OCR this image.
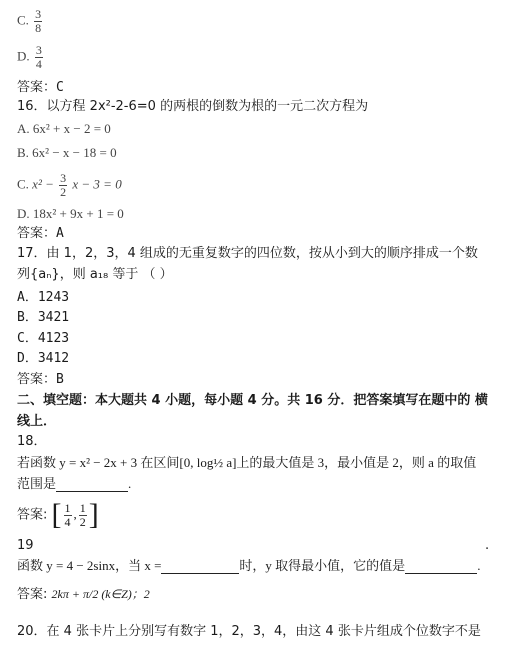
C. $\frac{3}{8}$
D. $\frac{3}{4}$
答案：C
16．以方程 2x²-2-6=0 的两根的倒数为根的一元二次方程为
A. 6x² + x − 2 = 0
B. 6x² − x − 18 = 0
C. $x^2 - \frac{3}{2}$ x − 3 = 0
D. 18x² + 9x + 1 = 0
答案：A
17．由 1，2，3，4 组成的无重复数字的四位数，按从小到大的顺序排成一个数
列{aₙ}，则 a₁₈ 等于 （ ）
A．1243
B．3421
C．4123
D．3412
答案：B
二、填空题：本大题共 4 小题，每小题 4 分。共 16 分．把答案填写在题中的 横
线上．
18．
若函数 y = x² − 2x + 3 在区间[0, log½ a]上的最大值是 3，最小值是 2，则 a 的取值
范围是	.
答案: [ $\frac{1}{4}$ , $\frac{1}{2}$ ]
19	.
函数 y = 4 − 2sinx，当 x =	时，y 取得最小值，它的值是	.
答案: 2kπ + π/2 (k∈Z)；2
20．在 4 张卡片上分别写有数字 1，2，3，4，由这 4 张卡片组成个位数字不是
